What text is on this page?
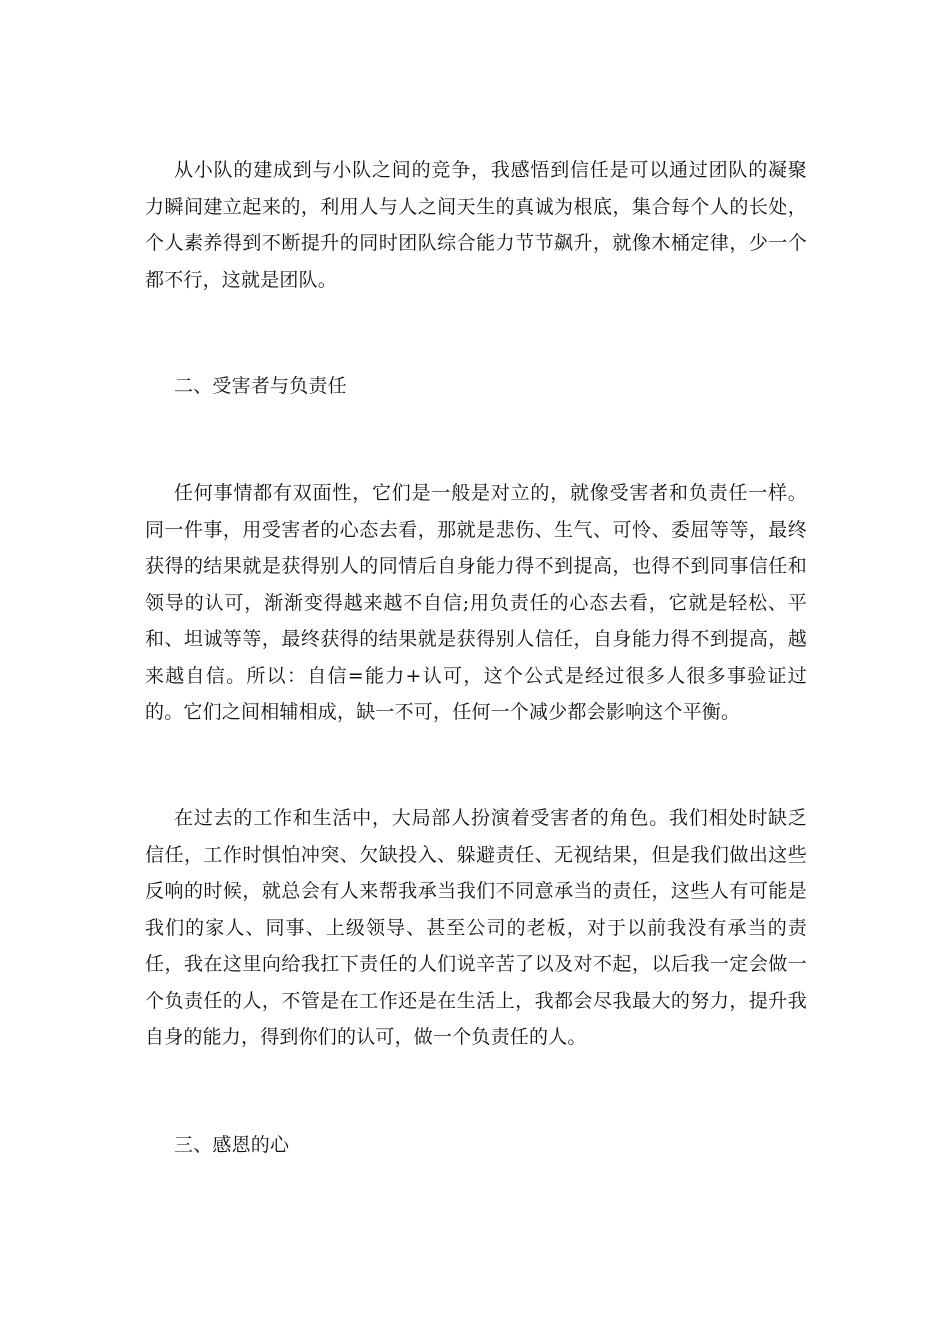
从小队的建成到与小队之间的竞争，我感悟到信任是可以通过团队的凝聚力瞬间建立起来的，利用人与人之间天生的真诚为根底，集合每个人的长处，个人素养得到不断提升的同时团队综合能力节节飙升，就像木桶定律，少一个都不行，这就是团队。

二、受害者与负责任

任何事情都有双面性，它们是一般是对立的，就像受害者和负责任一样。同一件事，用受害者的心态去看，那就是悲伤、生气、可怜、委屈等等，最终获得的结果就是获得别人的同情后自身能力得不到提高，也得不到同事信任和领导的认可，渐渐变得越来越不自信;用负责任的心态去看，它就是轻松、平和、坦诚等等，最终获得的结果就是获得别人信任，自身能力得不到提高，越来越自信。所以：自信=能力+认可，这个公式是经过很多人很多事验证过的。它们之间相辅相成，缺一不可，任何一个减少都会影响这个平衡。

在过去的工作和生活中，大局部人扮演着受害者的角色。我们相处时缺乏信任，工作时惧怕冲突、欠缺投入、躲避责任、无视结果，但是我们做出这些反响的时候，就总会有人来帮我承当我们不同意承当的责任，这些人有可能是我们的家人、同事、上级领导、甚至公司的老板，对于以前我没有承当的责任，我在这里向给我扛下责任的人们说辛苦了以及对不起，以后我一定会做一个负责任的人，不管是在工作还是在生活上，我都会尽我最大的努力，提升我自身的能力，得到你们的认可，做一个负责任的人。

三、感恩的心
